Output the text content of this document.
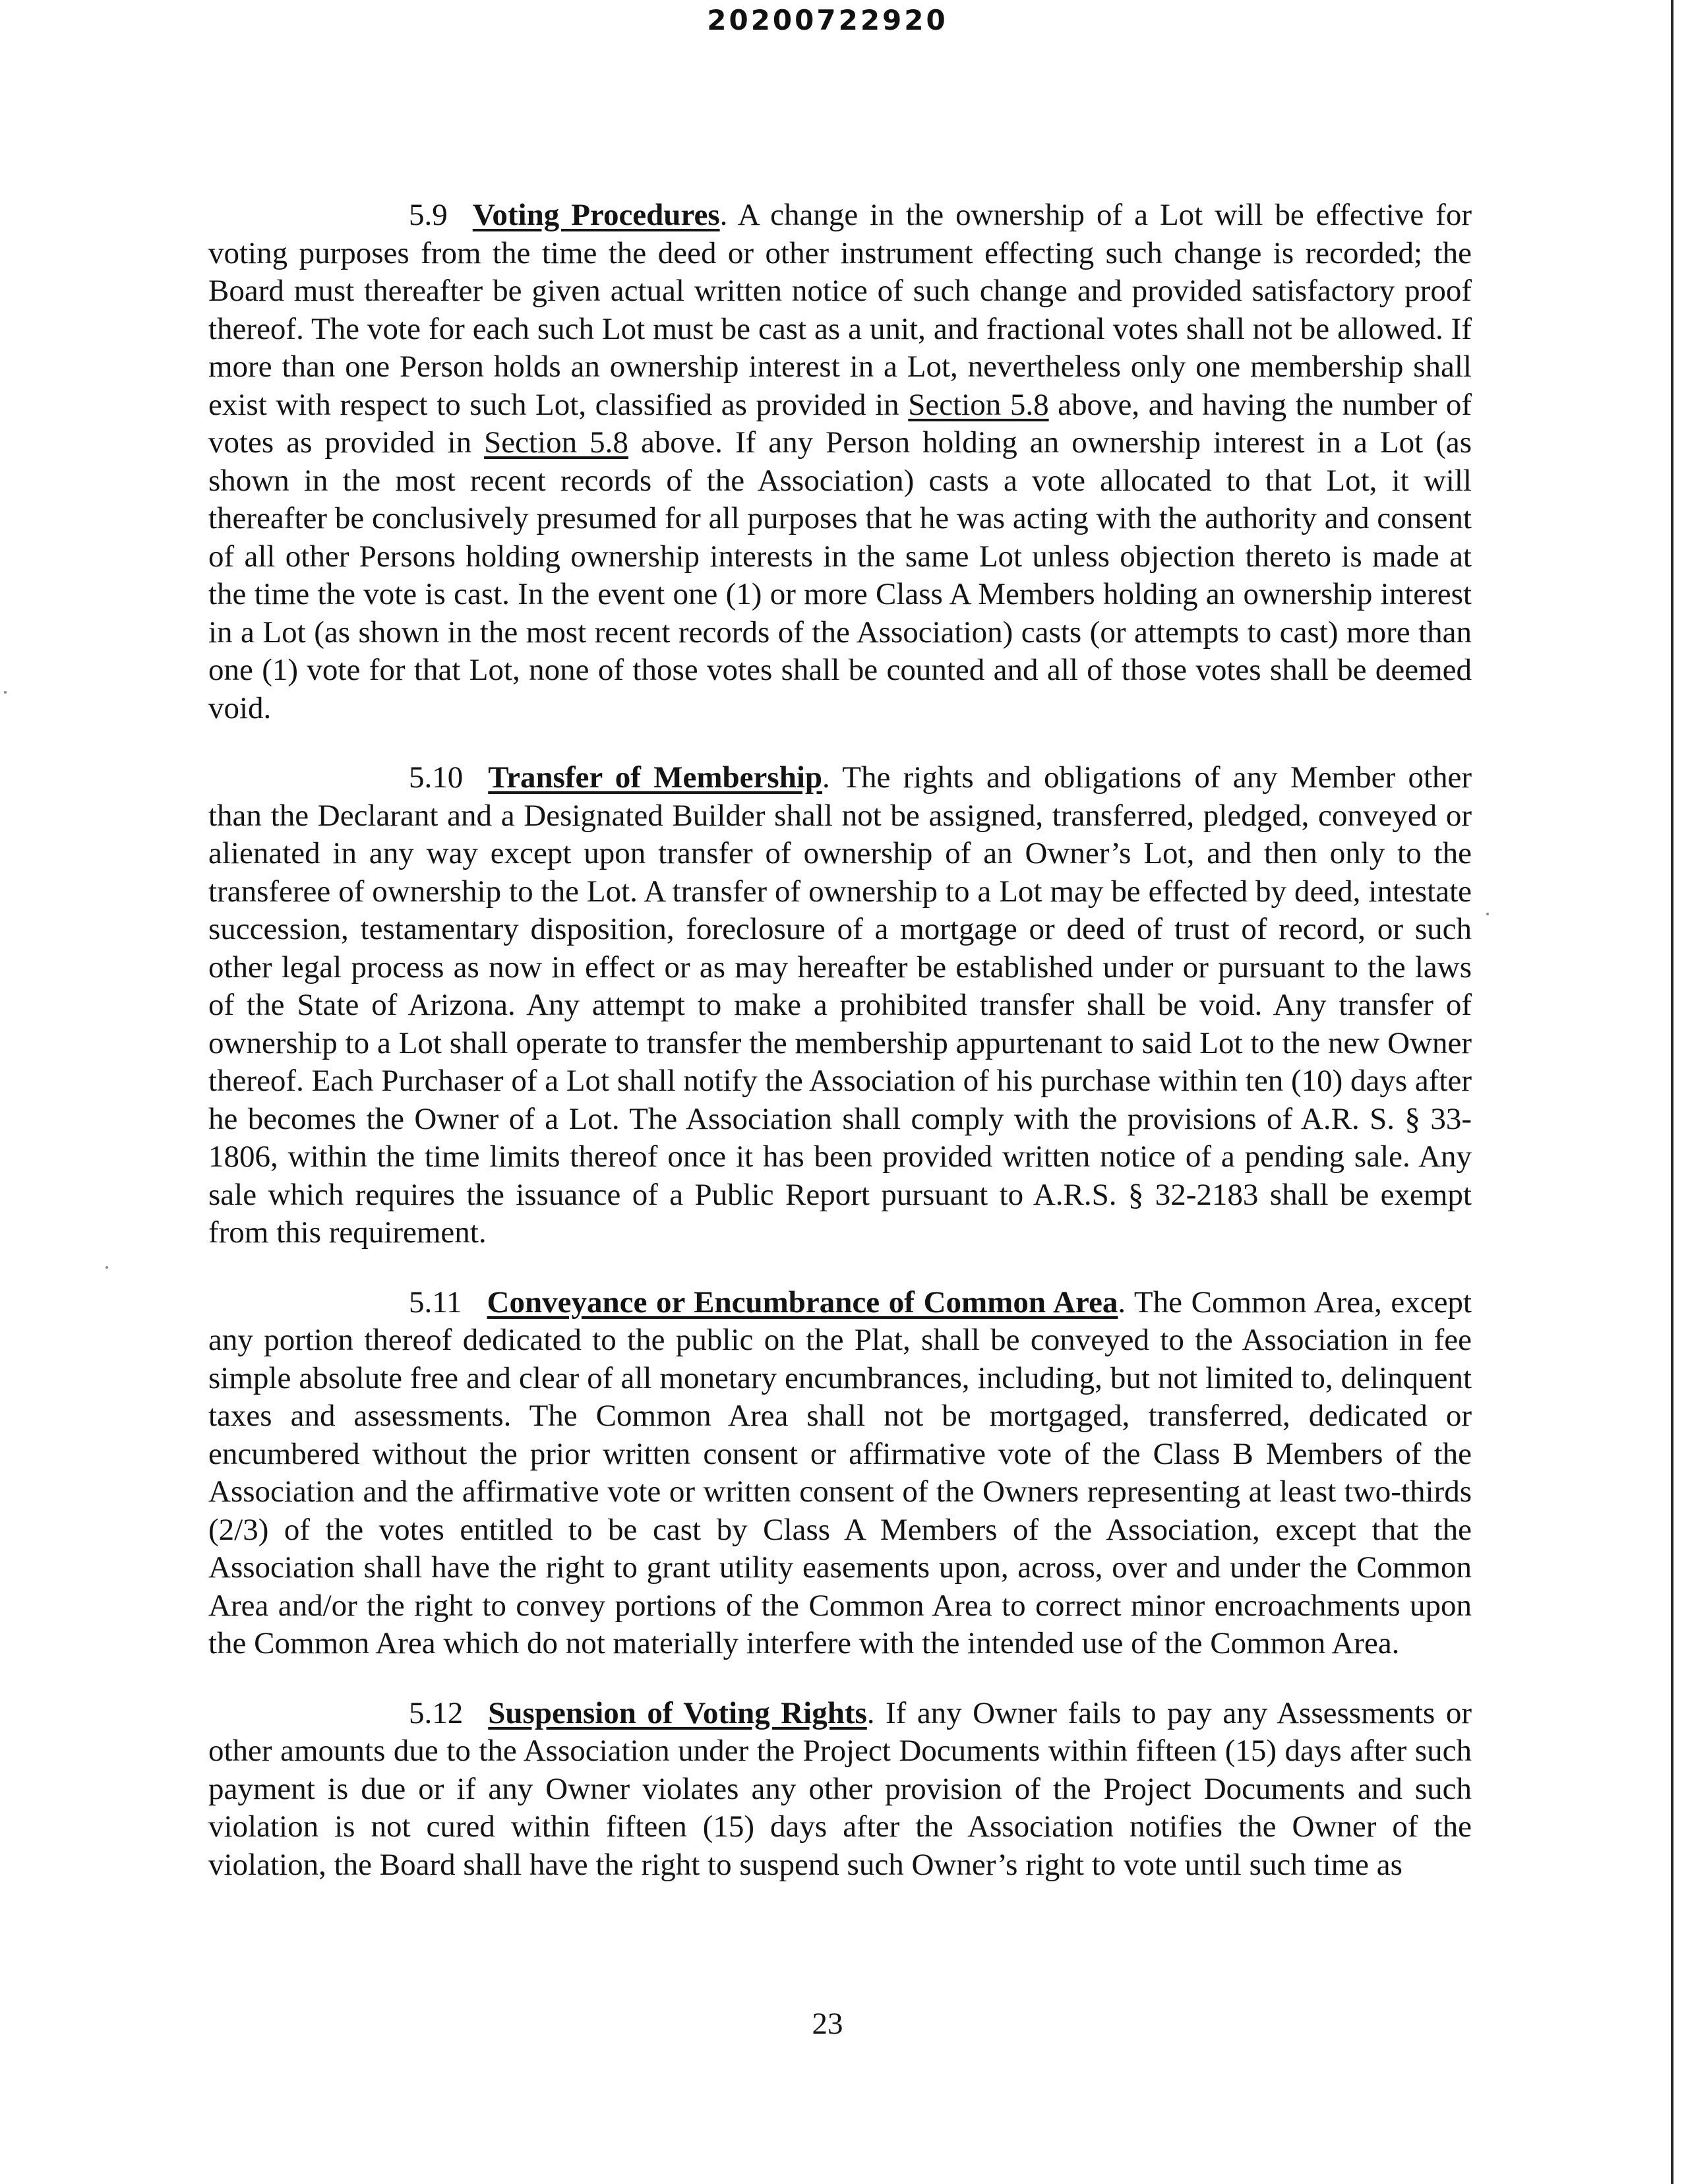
20200722920

5.9 Voting Procedures. A change in the ownership of a Lot will be effective for voting purposes from the time the deed or other instrument effecting such change is recorded; the Board must thereafter be given actual written notice of such change and provided satisfactory proof thereof. The vote for each such Lot must be cast as a unit, and fractional votes shall not be allowed. If more than one Person holds an ownership interest in a Lot, nevertheless only one membership shall exist with respect to such Lot, classified as provided in Section 5.8 above, and having the number of votes as provided in Section 5.8 above. If any Person holding an ownership interest in a Lot (as shown in the most recent records of the Association) casts a vote allocated to that Lot, it will thereafter be conclusively presumed for all purposes that he was acting with the authority and consent of all other Persons holding ownership interests in the same Lot unless objection thereto is made at the time the vote is cast. In the event one (1) or more Class A Members holding an ownership interest in a Lot (as shown in the most recent records of the Association) casts (or attempts to cast) more than one (1) vote for that Lot, none of those votes shall be counted and all of those votes shall be deemed void.

5.10 Transfer of Membership. The rights and obligations of any Member other than the Declarant and a Designated Builder shall not be assigned, transferred, pledged, conveyed or alienated in any way except upon transfer of ownership of an Owner’s Lot, and then only to the transferee of ownership to the Lot. A transfer of ownership to a Lot may be effected by deed, intestate succession, testamentary disposition, foreclosure of a mortgage or deed of trust of record, or such other legal process as now in effect or as may hereafter be established under or pursuant to the laws of the State of Arizona. Any attempt to make a prohibited transfer shall be void. Any transfer of ownership to a Lot shall operate to transfer the membership appurtenant to said Lot to the new Owner thereof. Each Purchaser of a Lot shall notify the Association of his purchase within ten (10) days after he becomes the Owner of a Lot. The Association shall comply with the provisions of A.R. S. § 33-1806, within the time limits thereof once it has been provided written notice of a pending sale. Any sale which requires the issuance of a Public Report pursuant to A.R.S. § 32-2183 shall be exempt from this requirement.

5.11 Conveyance or Encumbrance of Common Area. The Common Area, except any portion thereof dedicated to the public on the Plat, shall be conveyed to the Association in fee simple absolute free and clear of all monetary encumbrances, including, but not limited to, delinquent taxes and assessments. The Common Area shall not be mortgaged, transferred, dedicated or encumbered without the prior written consent or affirmative vote of the Class B Members of the Association and the affirmative vote or written consent of the Owners representing at least two-thirds (2/3) of the votes entitled to be cast by Class A Members of the Association, except that the Association shall have the right to grant utility easements upon, across, over and under the Common Area and/or the right to convey portions of the Common Area to correct minor encroachments upon the Common Area which do not materially interfere with the intended use of the Common Area.

5.12 Suspension of Voting Rights. If any Owner fails to pay any Assessments or other amounts due to the Association under the Project Documents within fifteen (15) days after such payment is due or if any Owner violates any other provision of the Project Documents and such violation is not cured within fifteen (15) days after the Association notifies the Owner of the violation, the Board shall have the right to suspend such Owner’s right to vote until such time as

23
